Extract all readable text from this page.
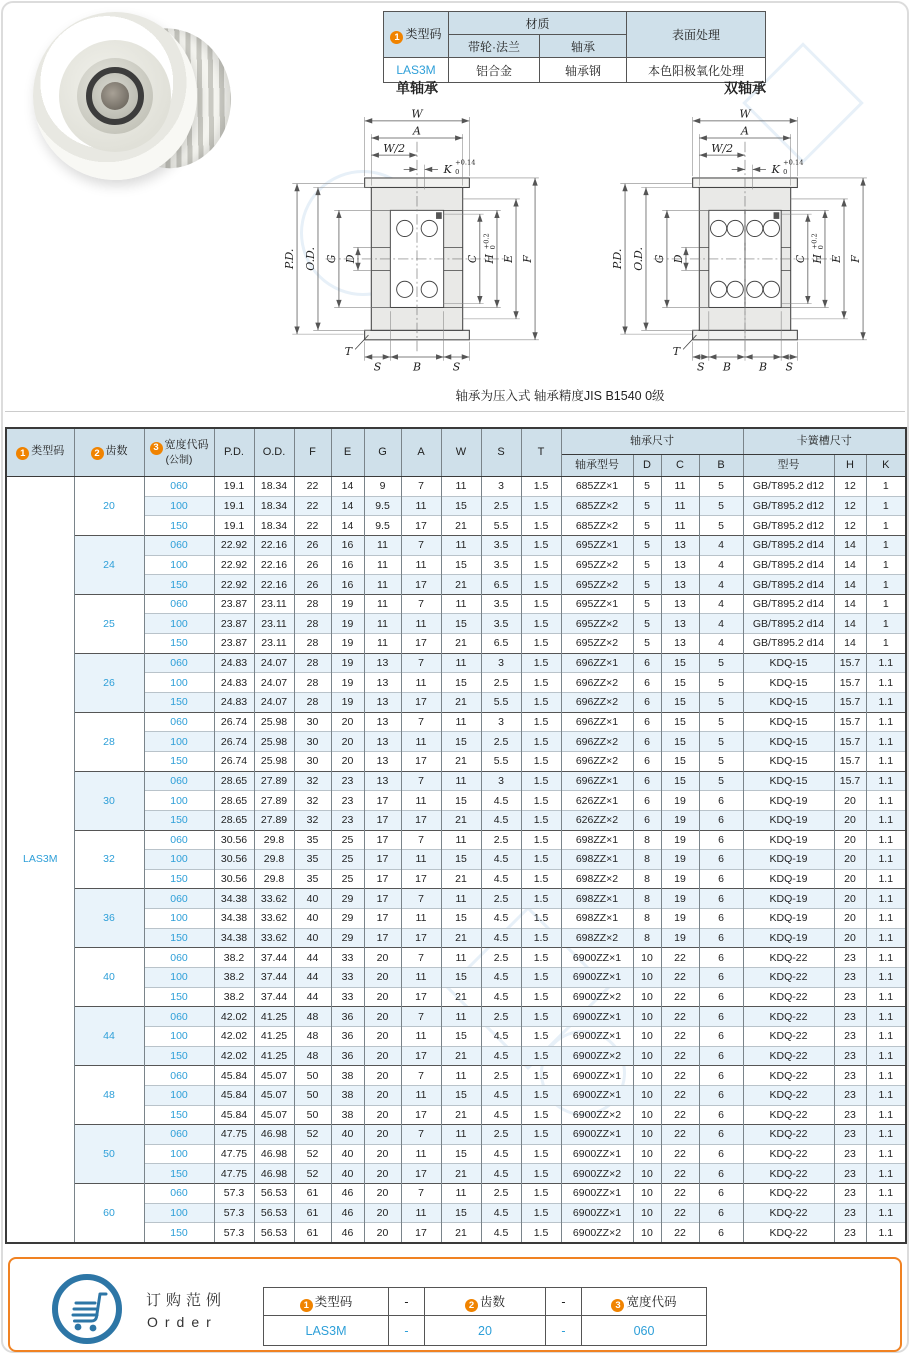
1 类型码	材质		表面处理
	带轮·法兰	轴承	
LAS3M	铝合金	轴承钢	本色阳极氧化处理
单轴承
W
A
W/2
K
+0.14
0
P.D. O.D. G D	C H
+0.2
0
E F
S	B	S
T
双轴承
W
A
W/2
K
+0.14
0
P.D. O.D. G D	C H
+0.2
0
E F
S B B S
T
轴承为压入式 轴承精度JIS B1540 0级
1 类型码	2 齿数	3 宽度代码
(公制)	P.D.	O.D.	F	E	G	A	W	S	T	轴承尺寸				卡簧槽尺寸		
												轴承型号	D	C	B	型号	H	K
LAS3M	20	060	19.1	18.34	22	14	9	7	11	3	1.5	685ZZ×1	5	11	5	GB/T895.2 d12	12	1
		100	19.1	18.34	22	14	9.5	11	15	2.5	1.5	685ZZ×2	5	11	5	GB/T895.2 d12	12	1
		150	19.1	18.34	22	14	9.5	17	21	5.5	1.5	685ZZ×2	5	11	5	GB/T895.2 d12	12	1
	24	060	22.92	22.16	26	16	11	7	11	3.5	1.5	695ZZ×1	5	13	4	GB/T895.2 d14	14	1
		100	22.92	22.16	26	16	11	11	15	3.5	1.5	695ZZ×2	5	13	4	GB/T895.2 d14	14	1
		150	22.92	22.16	26	16	11	17	21	6.5	1.5	695ZZ×2	5	13	4	GB/T895.2 d14	14	1
	25	060	23.87	23.11	28	19	11	7	11	3.5	1.5	695ZZ×1	5	13	4	GB/T895.2 d14	14	1
		100	23.87	23.11	28	19	11	11	15	3.5	1.5	695ZZ×2	5	13	4	GB/T895.2 d14	14	1
		150	23.87	23.11	28	19	11	17	21	6.5	1.5	695ZZ×2	5	13	4	GB/T895.2 d14	14	1
	26	060	24.83	24.07	28	19	13	7	11	3	1.5	696ZZ×1	6	15	5	KDQ-15	15.7	1.1
		100	24.83	24.07	28	19	13	11	15	2.5	1.5	696ZZ×2	6	15	5	KDQ-15	15.7	1.1
		150	24.83	24.07	28	19	13	17	21	5.5	1.5	696ZZ×2	6	15	5	KDQ-15	15.7	1.1
	28	060	26.74	25.98	30	20	13	7	11	3	1.5	696ZZ×1	6	15	5	KDQ-15	15.7	1.1
		100	26.74	25.98	30	20	13	11	15	2.5	1.5	696ZZ×2	6	15	5	KDQ-15	15.7	1.1
		150	26.74	25.98	30	20	13	17	21	5.5	1.5	696ZZ×2	6	15	5	KDQ-15	15.7	1.1
	30	060	28.65	27.89	32	23	13	7	11	3	1.5	696ZZ×1	6	15	5	KDQ-15	15.7	1.1
		100	28.65	27.89	32	23	17	11	15	4.5	1.5	626ZZ×1	6	19	6	KDQ-19	20	1.1
		150	28.65	27.89	32	23	17	17	21	4.5	1.5	626ZZ×2	6	19	6	KDQ-19	20	1.1
	32	060	30.56	29.8	35	25	17	7	11	2.5	1.5	698ZZ×1	8	19	6	KDQ-19	20	1.1
		100	30.56	29.8	35	25	17	11	15	4.5	1.5	698ZZ×1	8	19	6	KDQ-19	20	1.1
		150	30.56	29.8	35	25	17	17	21	4.5	1.5	698ZZ×2	8	19	6	KDQ-19	20	1.1
	36	060	34.38	33.62	40	29	17	7	11	2.5	1.5	698ZZ×1	8	19	6	KDQ-19	20	1.1
		100	34.38	33.62	40	29	17	11	15	4.5	1.5	698ZZ×1	8	19	6	KDQ-19	20	1.1
		150	34.38	33.62	40	29	17	17	21	4.5	1.5	698ZZ×2	8	19	6	KDQ-19	20	1.1
	40	060	38.2	37.44	44	33	20	7	11	2.5	1.5	6900ZZ×1	10	22	6	KDQ-22	23	1.1
		100	38.2	37.44	44	33	20	11	15	4.5	1.5	6900ZZ×1	10	22	6	KDQ-22	23	1.1
		150	38.2	37.44	44	33	20	17	21	4.5	1.5	6900ZZ×2	10	22	6	KDQ-22	23	1.1
	44	060	42.02	41.25	48	36	20	7	11	2.5	1.5	6900ZZ×1	10	22	6	KDQ-22	23	1.1
		100	42.02	41.25	48	36	20	11	15	4.5	1.5	6900ZZ×1	10	22	6	KDQ-22	23	1.1
		150	42.02	41.25	48	36	20	17	21	4.5	1.5	6900ZZ×2	10	22	6	KDQ-22	23	1.1
	48	060	45.84	45.07	50	38	20	7	11	2.5	1.5	6900ZZ×1	10	22	6	KDQ-22	23	1.1
		100	45.84	45.07	50	38	20	11	15	4.5	1.5	6900ZZ×1	10	22	6	KDQ-22	23	1.1
		150	45.84	45.07	50	38	20	17	21	4.5	1.5	6900ZZ×2	10	22	6	KDQ-22	23	1.1
	50	060	47.75	46.98	52	40	20	7	11	2.5	1.5	6900ZZ×1	10	22	6	KDQ-22	23	1.1
		100	47.75	46.98	52	40	20	11	15	4.5	1.5	6900ZZ×1	10	22	6	KDQ-22	23	1.1
		150	47.75	46.98	52	40	20	17	21	4.5	1.5	6900ZZ×2	10	22	6	KDQ-22	23	1.1
	60	060	57.3	56.53	61	46	20	7	11	2.5	1.5	6900ZZ×1	10	22	6	KDQ-22	23	1.1
		100	57.3	56.53	61	46	20	11	15	4.5	1.5	6900ZZ×1	10	22	6	KDQ-22	23	1.1
		150	57.3	56.53	61	46	20	17	21	4.5	1.5	6900ZZ×2	10	22	6	KDQ-22	23	1.1
订购范例
Order
1 类型码	-	2 齿数	-	3 宽度代码
LAS3M	-	20	-	060
